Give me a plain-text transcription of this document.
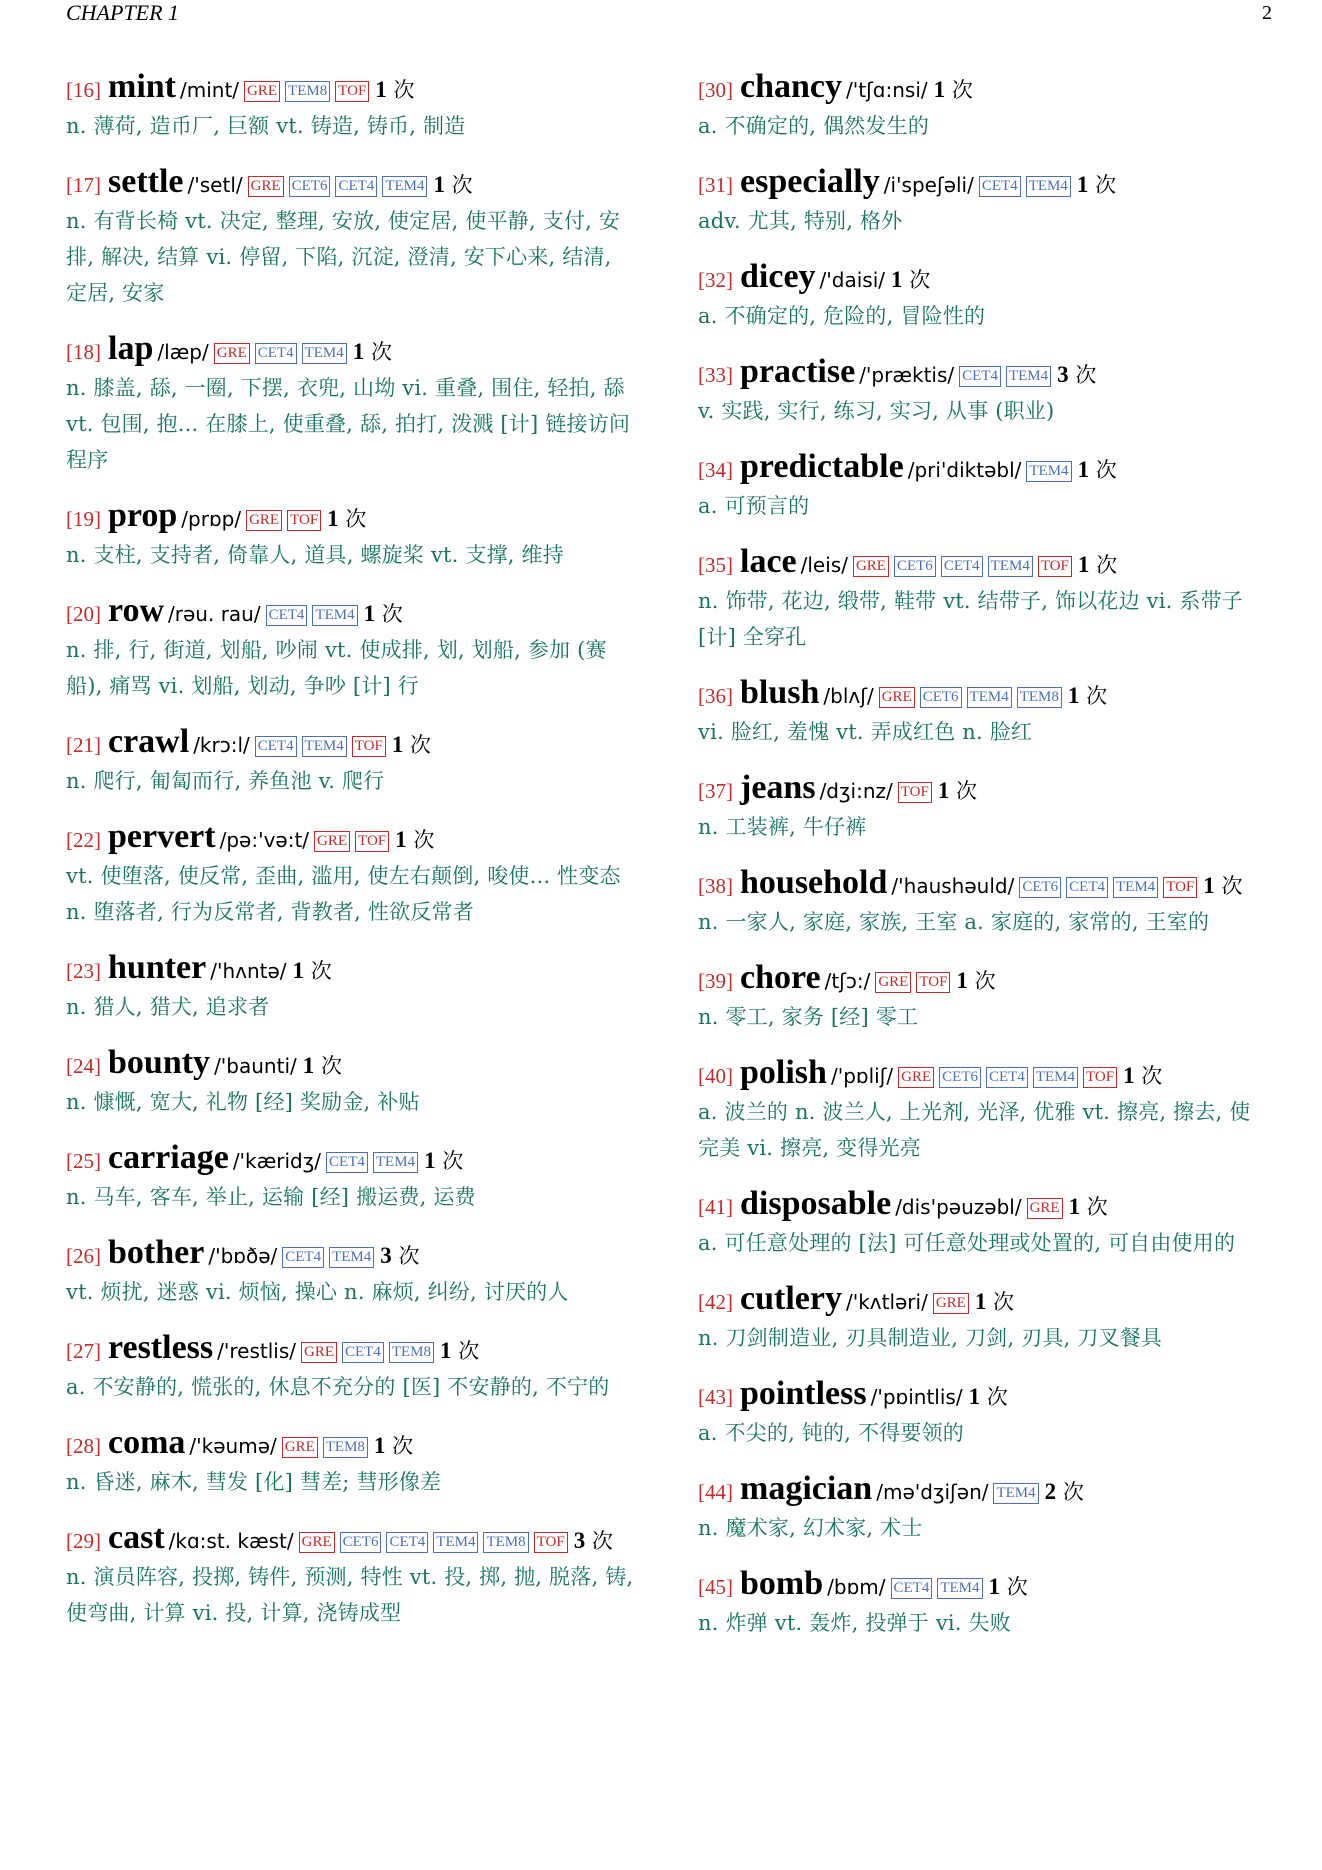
CHAPTER 1	2
[16] mint /mint/ GRE TEM8 TOF 1 次
n. 薄荷, 造币厂, 巨额 vt. 铸造, 铸币, 制造
[17] settle /'setl/ GRE CET6 CET4 TEM4 1 次
n. 有背长椅 vt. 决定, 整理, 安放, 使定居, 使平静, 支付, 安排, 解决, 结算 vi. 停留, 下陷, 沉淀, 澄清, 安下心来, 结清, 定居, 安家
[18] lap /læp/ GRE CET4 TEM4 1 次
n. 膝盖, 舔, 一圈, 下摆, 衣兜, 山坳 vi. 重叠, 围住, 轻拍, 舔 vt. 包围, 抱... 在膝上, 使重叠, 舔, 拍打, 泼溅 [计] 链接访问程序
[19] prop /prɒp/ GRE TOF 1 次
n. 支柱, 支持者, 倚靠人, 道具, 螺旋桨 vt. 支撑, 维持
[20] row /rəu. rau/ CET4 TEM4 1 次
n. 排, 行, 街道, 划船, 吵闹 vt. 使成排, 划, 划船, 参加 (赛船), 痛骂 vi. 划船, 划动, 争吵 [计] 行
[21] crawl /krɔ:l/ CET4 TEM4 TOF 1 次
n. 爬行, 匍匐而行, 养鱼池 v. 爬行
[22] pervert /pə:'və:t/ GRE TOF 1 次
vt. 使堕落, 使反常, 歪曲, 滥用, 使左右颠倒, 唆使... 性变态 n. 堕落者, 行为反常者, 背教者, 性欲反常者
[23] hunter /'hʌntə/ 1 次
n. 猎人, 猎犬, 追求者
[24] bounty /'baunti/ 1 次
n. 慷慨, 宽大, 礼物 [经] 奖励金, 补贴
[25] carriage /'kæridʒ/ CET4 TEM4 1 次
n. 马车, 客车, 举止, 运输 [经] 搬运费, 运费
[26] bother /'bɒðə/ CET4 TEM4 3 次
vt. 烦扰, 迷惑 vi. 烦恼, 操心 n. 麻烦, 纠纷, 讨厌的人
[27] restless /'restlis/ GRE CET4 TEM8 1 次
a. 不安静的, 慌张的, 休息不充分的 [医] 不安静的, 不宁的
[28] coma /'kəumə/ GRE TEM8 1 次
n. 昏迷, 麻木, 彗发 [化] 彗差; 彗形像差
[29] cast /kɑ:st. kæst/ GRE CET6 CET4 TEM4 TEM8 TOF 3 次
n. 演员阵容, 投掷, 铸件, 预测, 特性 vt. 投, 掷, 抛, 脱落, 铸, 使弯曲, 计算 vi. 投, 计算, 浇铸成型
[30] chancy /'tʃɑ:nsi/ 1 次
a. 不确定的, 偶然发生的
[31] especially /i'speʃəli/ CET4 TEM4 1 次
adv. 尤其, 特别, 格外
[32] dicey /'daisi/ 1 次
a. 不确定的, 危险的, 冒险性的
[33] practise /'præktis/ CET4 TEM4 3 次
v. 实践, 实行, 练习, 实习, 从事 (职业)
[34] predictable /pri'diktəbl/ TEM4 1 次
a. 可预言的
[35] lace /leis/ GRE CET6 CET4 TEM4 TOF 1 次
n. 饰带, 花边, 缎带, 鞋带 vt. 结带子, 饰以花边 vi. 系带子 [计] 全穿孔
[36] blush /blʌʃ/ GRE CET6 TEM4 TEM8 1 次
vi. 脸红, 羞愧 vt. 弄成红色 n. 脸红
[37] jeans /dʒi:nz/ TOF 1 次
n. 工装裤, 牛仔裤
[38] household /'haushəuld/ CET6 CET4 TEM4 TOF 1 次
n. 一家人, 家庭, 家族, 王室 a. 家庭的, 家常的, 王室的
[39] chore /tʃɔ:/ GRE TOF 1 次
n. 零工, 家务 [经] 零工
[40] polish /'pɒliʃ/ GRE CET6 CET4 TEM4 TOF 1 次
a. 波兰的 n. 波兰人, 上光剂, 光泽, 优雅 vt. 擦亮, 擦去, 使完美 vi. 擦亮, 变得光亮
[41] disposable /dis'pəuzəbl/ GRE 1 次
a. 可任意处理的 [法] 可任意处理或处置的, 可自由使用的
[42] cutlery /'kʌtləri/ GRE 1 次
n. 刀剑制造业, 刃具制造业, 刀剑, 刃具, 刀叉餐具
[43] pointless /'pɒintlis/ 1 次
a. 不尖的, 钝的, 不得要领的
[44] magician /mə'dʒiʃən/ TEM4 2 次
n. 魔术家, 幻术家, 术士
[45] bomb /bɒm/ CET4 TEM4 1 次
n. 炸弹 vt. 轰炸, 投弹于 vi. 失败
